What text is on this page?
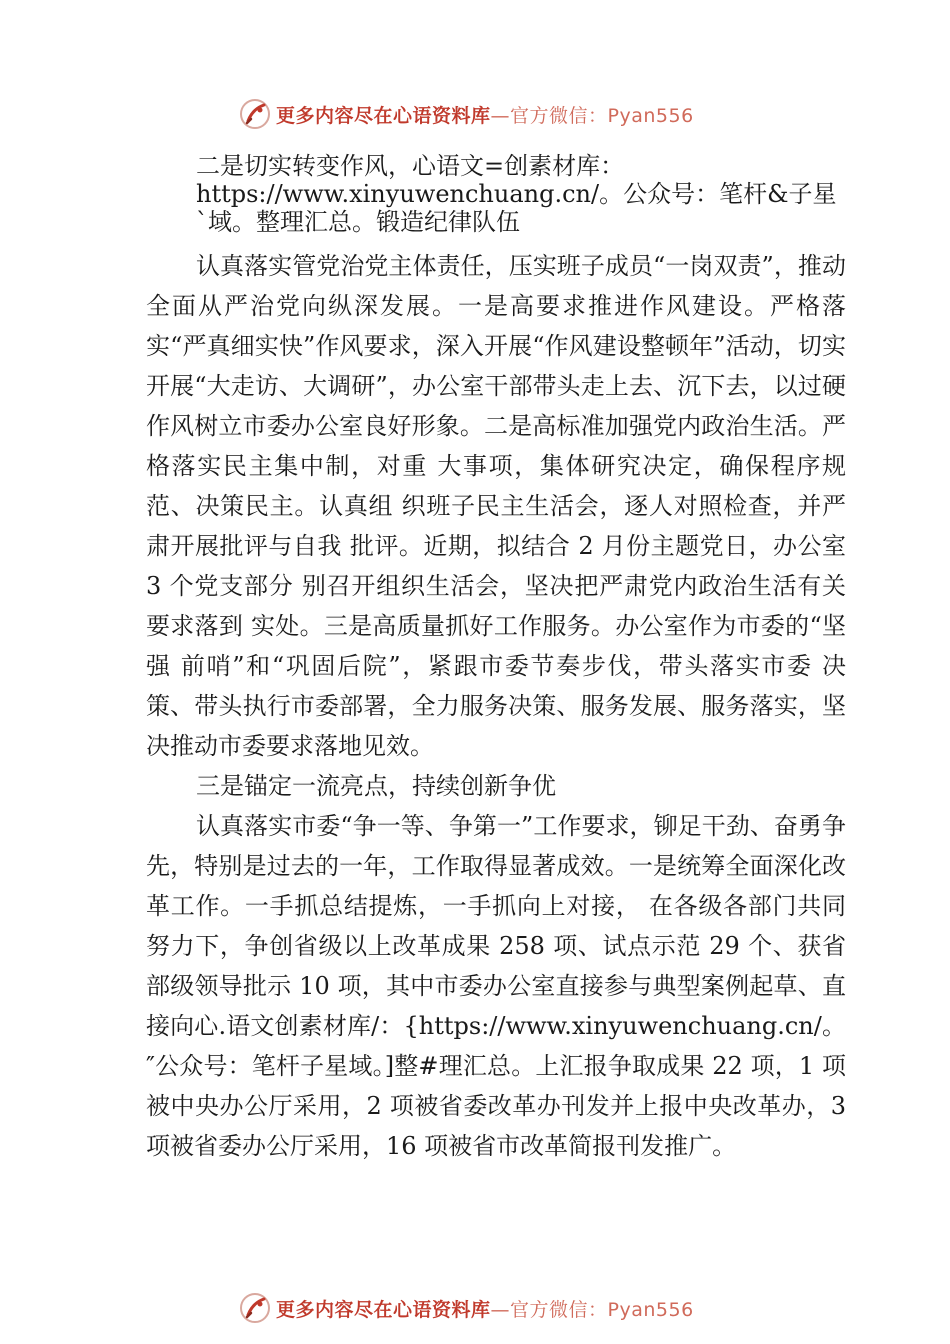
更多内容尽在心语资料库 —官方微信：Pyan556

二是切实转变作风，心语文=创素材库：https://www.xinyuwenchuang.cn/。公众号：笔杆&子星`域。整理汇总。锻造纪律队伍

认真落实管党治党主体责任，压实班子成员“一岗双责”，推动全面从严治党向纵深发展。一是高要求推进作风建设。严格落实“严真细实快”作风要求，深入开展“作风建设整顿年”活动，切实开展“大走访、大调研”，办公室干部带头走上去、沉下去，以过硬作风树立市委办公室良好形象。二是高标准加强党内政治生活。严格落实民主集中制，对重 大事项，集体研究决定，确保程序规范、决策民主。认真组 织班子民主生活会，逐人对照检查，并严肃开展批评与自我 批评。近期，拟结合 2 月份主题党日，办公室 3 个党支部分 别召开组织生活会，坚决把严肃党内政治生活有关要求落到 实处。三是高质量抓好工作服务。办公室作为市委的“坚强 前哨”和“巩固后院”，紧跟市委节奏步伐，带头落实市委 决策、带头执行市委部署，全力服务决策、服务发展、服务落实，坚决推动市委要求落地见效。

三是锚定一流亮点，持续创新争优

认真落实市委“争一等、争第一”工作要求，铆足干劲、奋勇争先，特别是过去的一年，工作取得显著成效。一是统筹全面深化改革工作。一手抓总结提炼，一手抓向上对接， 在各级各部门共同努力下，争创省级以上改革成果 258 项、试点示范 29 个、获省部级领导批示 10 项，其中市委办公室直接参与典型案例起草、直接向心.语文创素材库/：{https://www.xinyuwenchuang.cn/。″公众号：笔杆子星域。]整#理汇总。上汇报争取成果 22 项，1 项被中央办公厅采用，2 项被省委改革办刊发并上报中央改革办，3 项被省委办公厅采用，16 项被省市改革简报刊发推广。

更多内容尽在心语资料库 —官方微信：Pyan556
